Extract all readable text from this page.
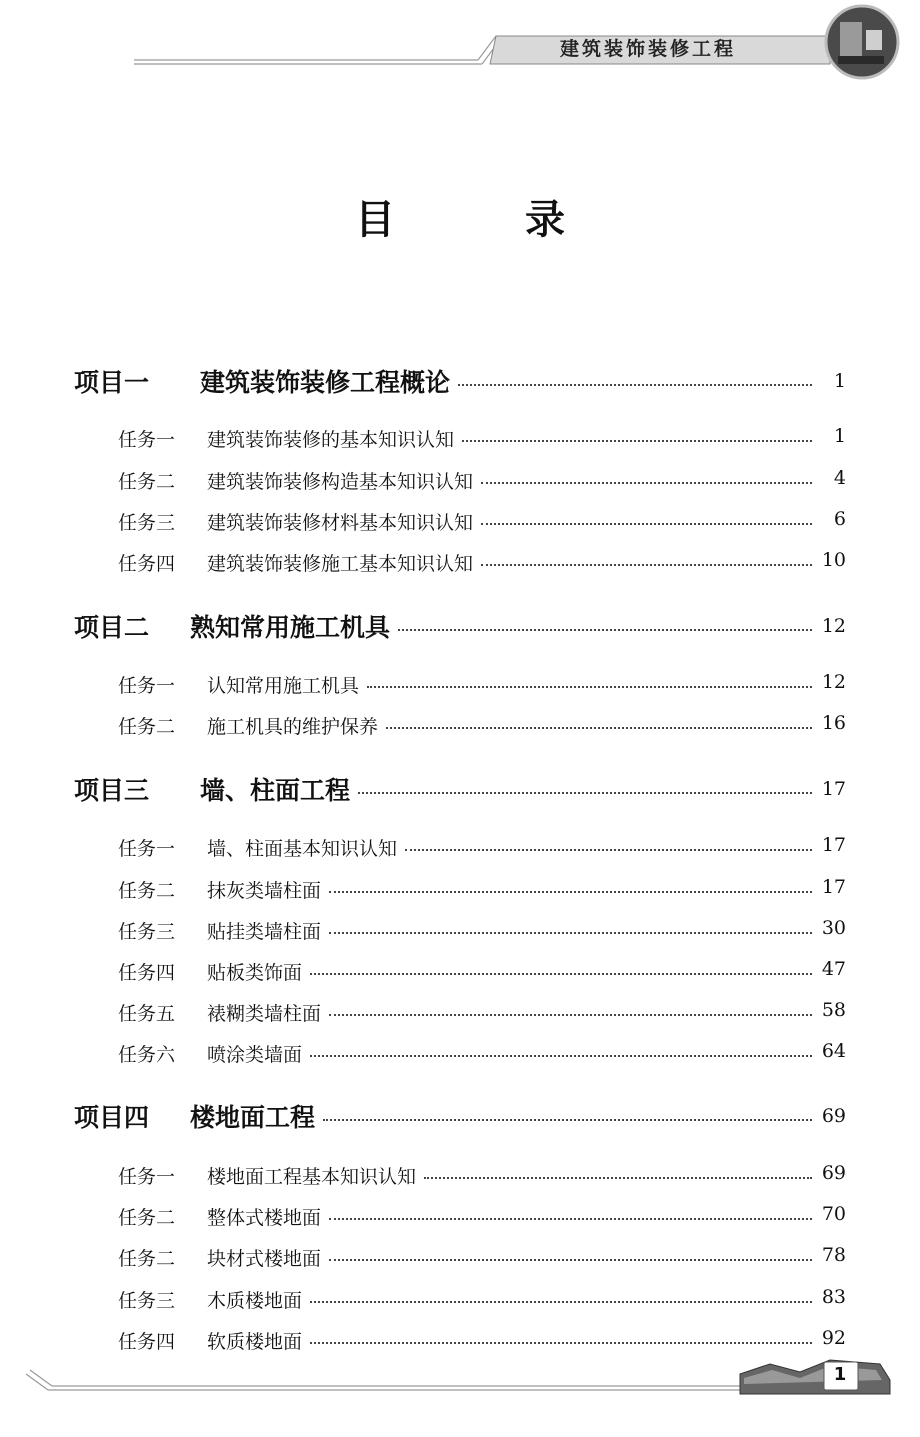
建筑装饰装修工程
目录
项目一 建筑装饰装修工程概论	1
任务一 建筑装饰装修的基本知识认知	1
任务二 建筑装饰装修构造基本知识认知	4
任务三 建筑装饰装修材料基本知识认知	6
任务四 建筑装饰装修施工基本知识认知	10
项目二 熟知常用施工机具	12
任务一 认知常用施工机具	12
任务二 施工机具的维护保养	16
项目三 墙、柱面工程	17
任务一 墙、柱面基本知识认知	17
任务二 抹灰类墙柱面	17
任务三 贴挂类墙柱面	30
任务四 贴板类饰面	47
任务五 裱糊类墙柱面	58
任务六 喷涂类墙面	64
项目四 楼地面工程	69
任务一 楼地面工程基本知识认知	69
任务二 整体式楼地面	70
任务二 块材式楼地面	78
任务三 木质楼地面	83
任务四 软质楼地面	92
1
